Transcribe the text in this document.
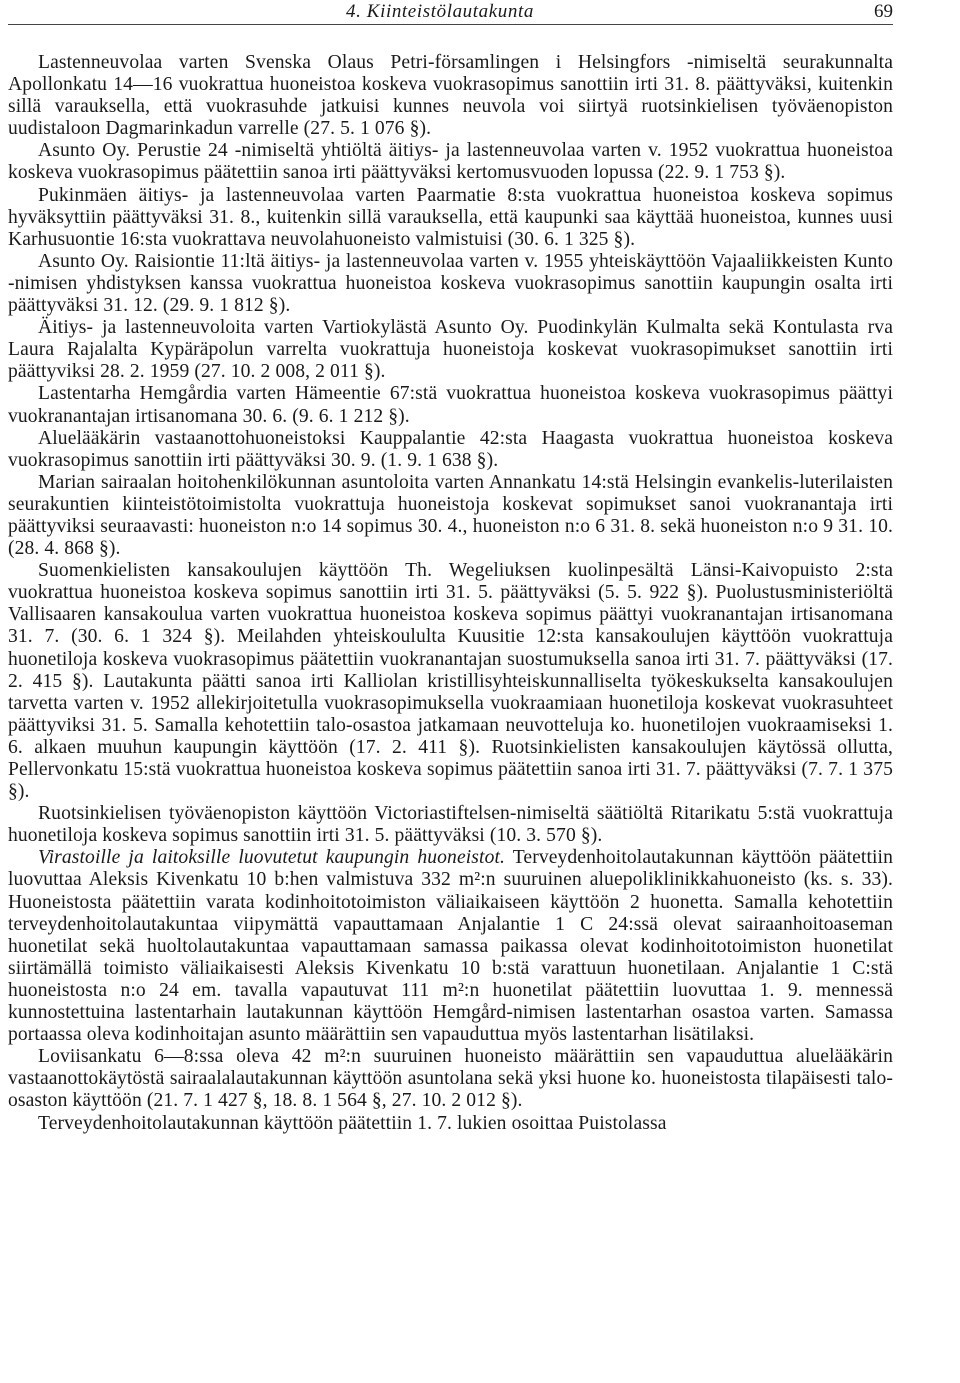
4. Kiinteistölautakunta	69

Lastenneuvolaa varten Svenska Olaus Petri-församlingen i Helsingfors -nimiseltä seurakunnalta Apollonkatu 14—16 vuokrattua huoneistoa koskeva vuokrasopimus sanottiin irti 31. 8. päättyväksi, kuitenkin sillä varauksella, että vuokrasuhde jatkuisi kunnes neuvola voi siirtyä ruotsinkielisen työväenopiston uudistaloon Dagmarinkadun varrelle (27. 5. 1 076 §).

Asunto Oy. Perustie 24 -nimiseltä yhtiöltä äitiys- ja lastenneuvolaa varten v. 1952 vuokrattua huoneistoa koskeva vuokrasopimus päätettiin sanoa irti päättyväksi kertomusvuoden lopussa (22. 9. 1 753 §).

Pukinmäen äitiys- ja lastenneuvolaa varten Paarmatie 8:sta vuokrattua huoneistoa koskeva sopimus hyväksyttiin päättyväksi 31. 8., kuitenkin sillä varauksella, että kaupunki saa käyttää huoneistoa, kunnes uusi Karhusuontie 16:sta vuokrattava neuvolahuoneisto valmistuisi (30. 6. 1 325 §).

Asunto Oy. Raisiontie 11:ltä äitiys- ja lastenneuvolaa varten v. 1955 yhteiskäyttöön Vajaaliikkeisten Kunto -nimisen yhdistyksen kanssa vuokrattua huoneistoa koskeva vuokrasopimus sanottiin kaupungin osalta irti päättyväksi 31. 12. (29. 9. 1 812 §).

Äitiys- ja lastenneuvoloita varten Vartiokylästä Asunto Oy. Puodinkylän Kulmalta sekä Kontulasta rva Laura Rajalalta Kypäräpolun varrelta vuokrattuja huoneistoja koskevat vuokrasopimukset sanottiin irti päättyviksi 28. 2. 1959 (27. 10. 2 008, 2 011 §).

Lastentarha Hemgårdia varten Hämeentie 67:stä vuokrattua huoneistoa koskeva vuokrasopimus päättyi vuokranantajan irtisanomana 30. 6. (9. 6. 1 212 §).

Aluelääkärin vastaanottohuoneistoksi Kauppalantie 42:sta Haagasta vuokrattua huoneistoa koskeva vuokrasopimus sanottiin irti päättyväksi 30. 9. (1. 9. 1 638 §).

Marian sairaalan hoitohenkilökunnan asuntoloita varten Annankatu 14:stä Helsingin evankelis-luterilaisten seurakuntien kiinteistötoimistolta vuokrattuja huoneistoja koskevat sopimukset sanoi vuokranantaja irti päättyviksi seuraavasti: huoneiston n:o 14 sopimus 30. 4., huoneiston n:o 6 31. 8. sekä huoneiston n:o 9 31. 10. (28. 4. 868 §).

Suomenkielisten kansakoulujen käyttöön Th. Wegeliuksen kuolinpesältä Länsi-Kaivopuisto 2:sta vuokrattua huoneistoa koskeva sopimus sanottiin irti 31. 5. päättyväksi (5. 5. 922 §). Puolustusministeriöltä Vallisaaren kansakoulua varten vuokrattua huoneistoa koskeva sopimus päättyi vuokranantajan irtisanomana 31. 7. (30. 6. 1 324 §). Meilahden yhteiskoululta Kuusitie 12:sta kansakoulujen käyttöön vuokrattuja huonetiloja koskeva vuokrasopimus päätettiin vuokranantajan suostumuksella sanoa irti 31. 7. päättyväksi (17. 2. 415 §). Lautakunta päätti sanoa irti Kalliolan kristillisyhteiskunnalliselta työkeskukselta kansakoulujen tarvetta varten v. 1952 allekirjoitetulla vuokrasopimuksella vuokraamiaan huonetiloja koskevat vuokrasuhteet päättyviksi 31. 5. Samalla kehotettiin talo-osastoa jatkamaan neuvotteluja ko. huonetilojen vuokraamiseksi 1. 6. alkaen muuhun kaupungin käyttöön (17. 2. 411 §). Ruotsinkielisten kansakoulujen käytössä ollutta, Pellervonkatu 15:stä vuokrattua huoneistoa koskeva sopimus päätettiin sanoa irti 31. 7. päättyväksi (7. 7. 1 375 §).

Ruotsinkielisen työväenopiston käyttöön Victoriastiftelsen-nimiseltä säätiöltä Ritarikatu 5:stä vuokrattuja huonetiloja koskeva sopimus sanottiin irti 31. 5. päättyväksi (10. 3. 570 §).

Virastoille ja laitoksille luovutetut kaupungin huoneistot. Terveydenhoitolautakunnan käyttöön päätettiin luovuttaa Aleksis Kivenkatu 10 b:hen valmistuva 332 m²:n suuruinen aluepoliklinikkahuoneisto (ks. s. 33). Huoneistosta päätettiin varata kodinhoitotoimiston väliaikaiseen käyttöön 2 huonetta. Samalla kehotettiin terveydenhoitolautakuntaa viipymättä vapauttamaan Anjalantie 1 C 24:ssä olevat sairaanhoitoaseman huonetilat sekä huoltolautakuntaa vapauttamaan samassa paikassa olevat kodinhoitotoimiston huonetilat siirtämällä toimisto väliaikaisesti Aleksis Kivenkatu 10 b:stä varattuun huonetilaan. Anjalantie 1 C:stä huoneistosta n:o 24 em. tavalla vapautuvat 111 m²:n huonetilat päätettiin luovuttaa 1. 9. mennessä kunnostettuina lastentarhain lautakunnan käyttöön Hemgård-nimisen lastentarhan osastoa varten. Samassa portaassa oleva kodinhoitajan asunto määrättiin sen vapauduttua myös lastentarhan lisätilaksi.

Loviisankatu 6—8:ssa oleva 42 m²:n suuruinen huoneisto määrättiin sen vapauduttua aluelääkärin vastaanottokäytöstä sairaalalautakunnan käyttöön asuntolana sekä yksi huone ko. huoneistosta tilapäisesti talo-osaston käyttöön (21. 7. 1 427 §, 18. 8. 1 564 §, 27. 10. 2 012 §).

Terveydenhoitolautakunnan käyttöön päätettiin 1. 7. lukien osoittaa Puistolassa
